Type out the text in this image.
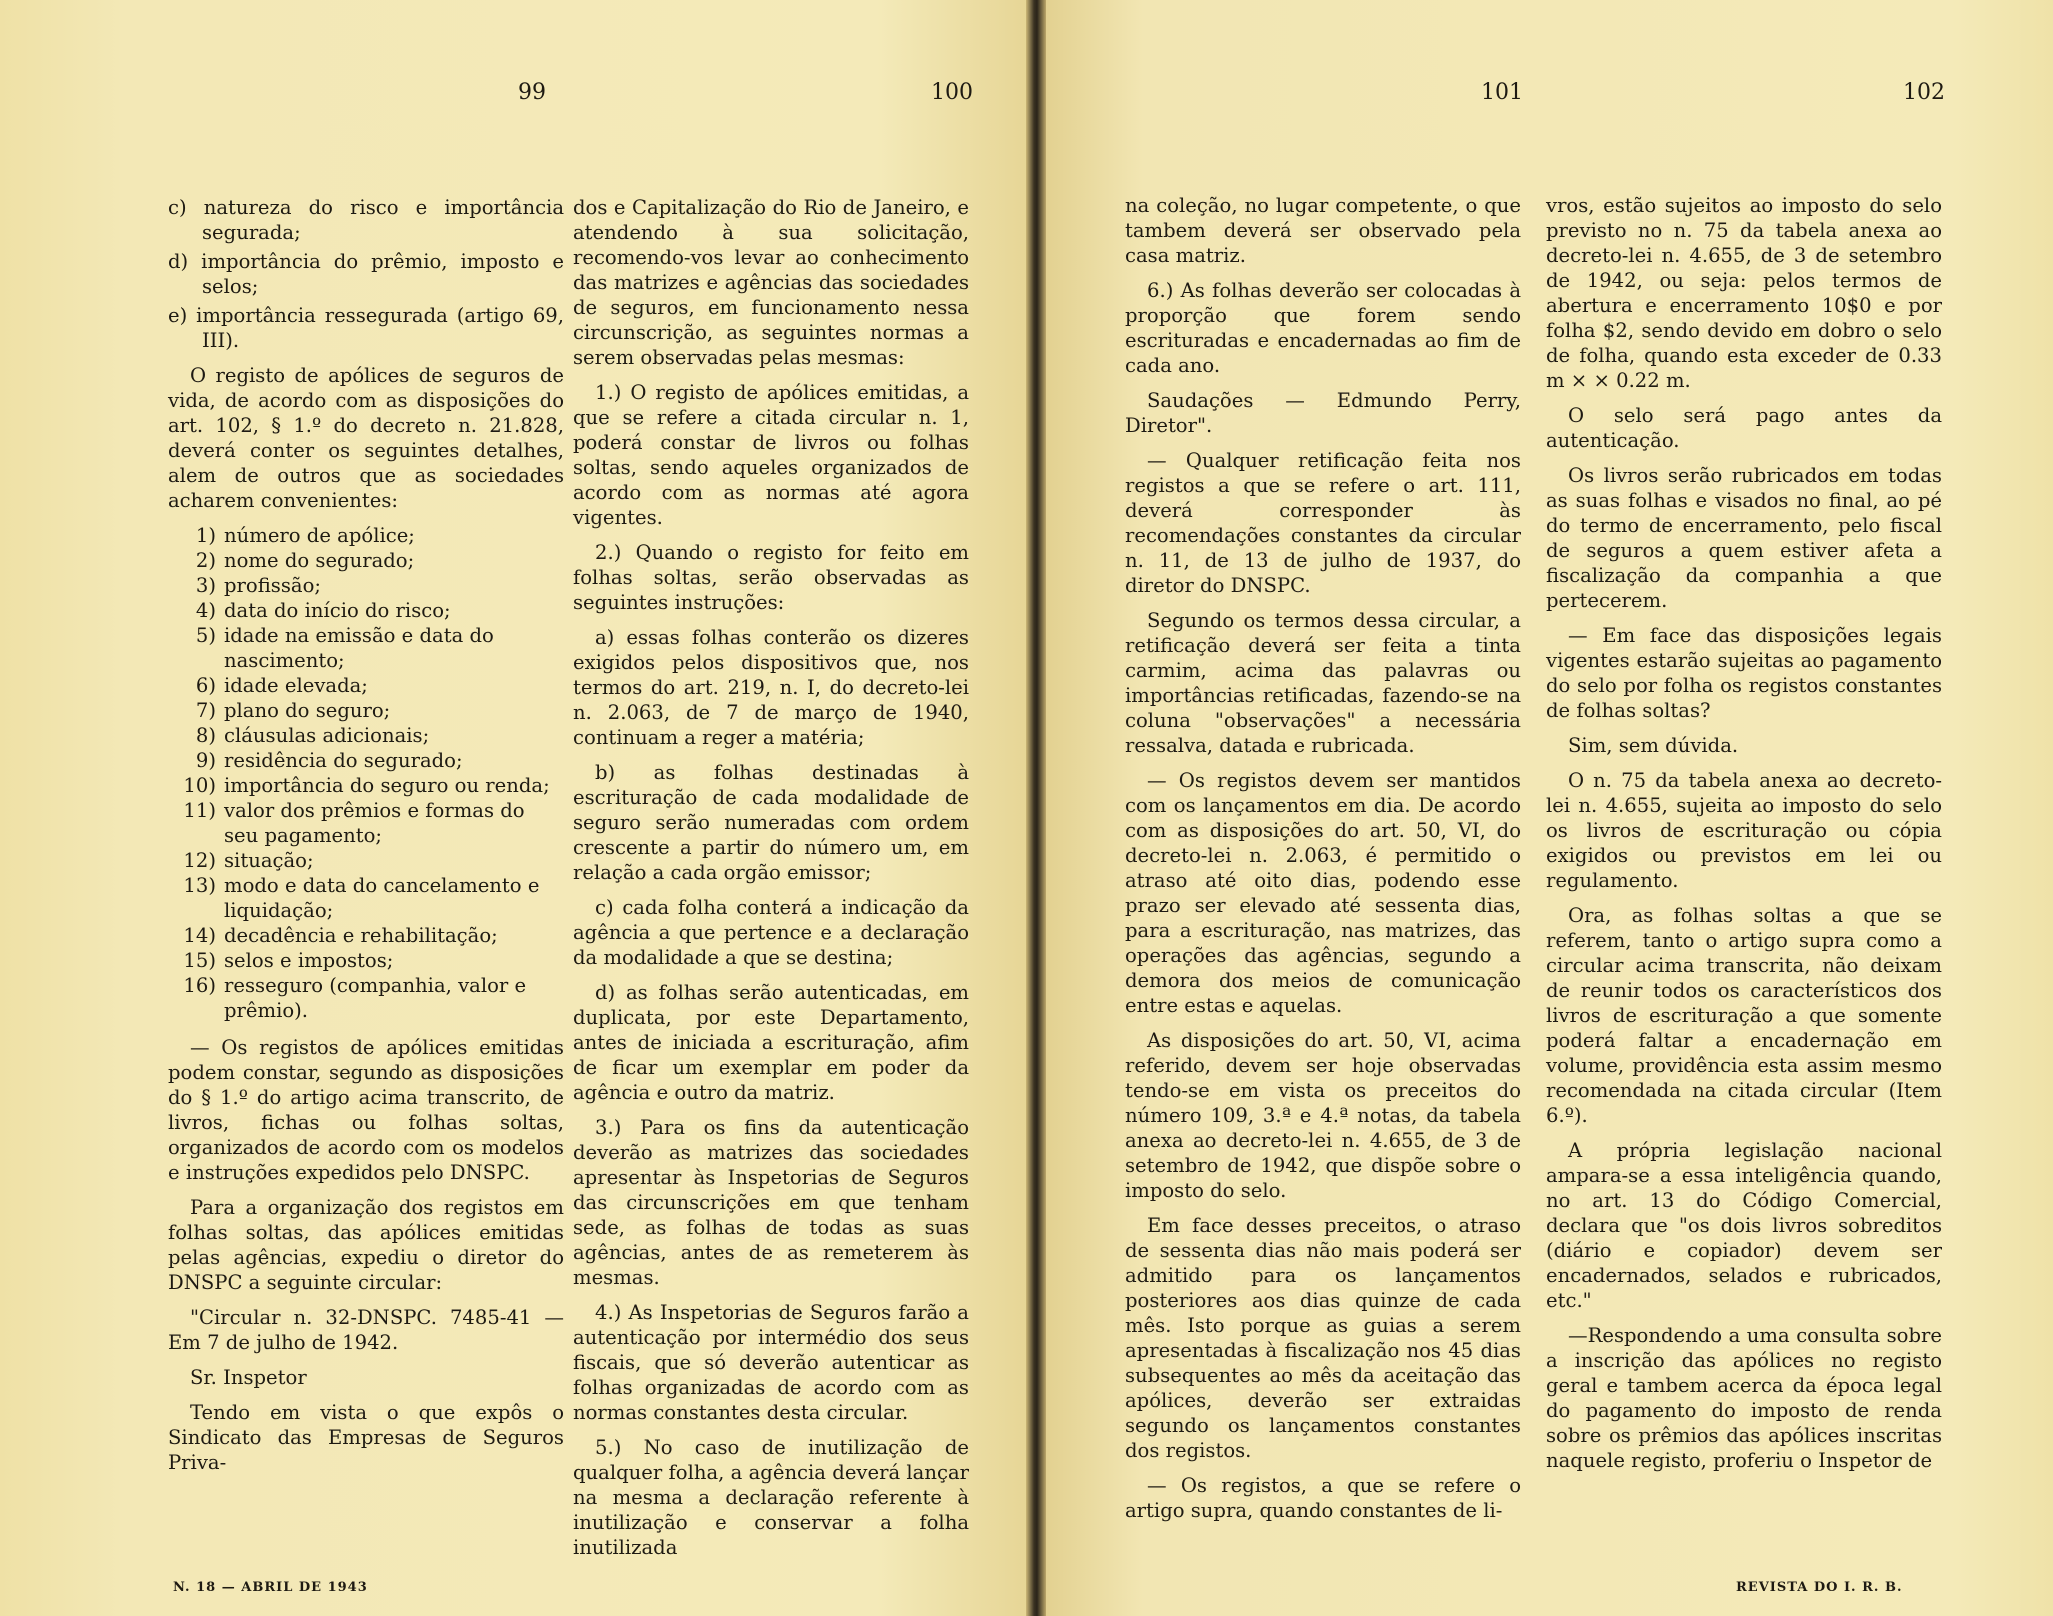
99	100	101	102
c) natureza do risco e importância segurada;
d) importância do prêmio, imposto e selos;
e) importância ressegurada (artigo 69, III).

O registo de apólices de seguros de vida, de acordo com as disposições do art. 102, § 1.º do decreto n. 21.828, deverá conter os seguintes detalhes, alem de outros que as sociedades acharem convenientes:

1) número de apólice;
2) nome do segurado;
3) profissão;
4) data do início do risco;
5) idade na emissão e data do nascimento;
6) idade elevada;
7) plano do seguro;
8) cláusulas adicionais;
9) residência do segurado;
10) importância do seguro ou renda;
11) valor dos prêmios e formas do seu pagamento;
12) situação;
13) modo e data do cancelamento e liquidação;
14) decadência e rehabilitação;
15) selos e impostos;
16) resseguro (companhia, valor e prêmio).

— Os registos de apólices emitidas podem constar, segundo as disposições do § 1.º do artigo acima transcrito, de livros, fichas ou folhas soltas, organizados de acordo com os modelos e instruções expedidos pelo DNSPC.

Para a organização dos registos em folhas soltas, das apólices emitidas pelas agências, expediu o diretor do DNSPC a seguinte circular:

"Circular n. 32-DNSPC. 7485-41 — Em 7 de julho de 1942.

Sr. Inspetor

Tendo em vista o que expôs o Sindicato das Empresas de Seguros Priva-

dos e Capitalização do Rio de Janeiro, e atendendo à sua solicitação, recomendo-vos levar ao conhecimento das matrizes e agências das sociedades de seguros, em funcionamento nessa circunscrição, as seguintes normas a serem observadas pelas mesmas:

1.) O registo de apólices emitidas, a que se refere a citada circular n. 1, poderá constar de livros ou folhas soltas, sendo aqueles organizados de acordo com as normas até agora vigentes.

2.) Quando o registo for feito em folhas soltas, serão observadas as seguintes instruções:

a) essas folhas conterão os dizeres exigidos pelos dispositivos que, nos termos do art. 219, n. I, do decreto-lei n. 2.063, de 7 de março de 1940, continuam a reger a matéria;

b) as folhas destinadas à escrituração de cada modalidade de seguro serão numeradas com ordem crescente a partir do número um, em relação a cada orgão emissor;

c) cada folha conterá a indicação da agência a que pertence e a declaração da modalidade a que se destina;

d) as folhas serão autenticadas, em duplicata, por este Departamento, antes de iniciada a escrituração, afim de ficar um exemplar em poder da agência e outro da matriz.

3.) Para os fins da autenticação deverão as matrizes das sociedades apresentar às Inspetorias de Seguros das circunscrições em que tenham sede, as folhas de todas as suas agências, antes de as remeterem às mesmas.

4.) As Inspetorias de Seguros farão a autenticação por intermédio dos seus fiscais, que só deverão autenticar as folhas organizadas de acordo com as normas constantes desta circular.

5.) No caso de inutilização de qualquer folha, a agência deverá lançar na mesma a declaração referente à inutilização e conservar a folha inutilizada

na coleção, no lugar competente, o que tambem deverá ser observado pela casa matriz.

6.) As folhas deverão ser colocadas à proporção que forem sendo escrituradas e encadernadas ao fim de cada ano.

Saudações — Edmundo Perry, Diretor".

— Qualquer retificação feita nos registos a que se refere o art. 111, deverá corresponder às recomendações constantes da circular n. 11, de 13 de julho de 1937, do diretor do DNSPC.

Segundo os termos dessa circular, a retificação deverá ser feita a tinta carmim, acima das palavras ou importâncias retificadas, fazendo-se na coluna "observações" a necessária ressalva, datada e rubricada.

— Os registos devem ser mantidos com os lançamentos em dia. De acordo com as disposições do art. 50, VI, do decreto-lei n. 2.063, é permitido o atraso até oito dias, podendo esse prazo ser elevado até sessenta dias, para a escrituração, nas matrizes, das operações das agências, segundo a demora dos meios de comunicação entre estas e aquelas.

As disposições do art. 50, VI, acima referido, devem ser hoje observadas tendo-se em vista os preceitos do número 109, 3.ª e 4.ª notas, da tabela anexa ao decreto-lei n. 4.655, de 3 de setembro de 1942, que dispõe sobre o imposto do selo.

Em face desses preceitos, o atraso de sessenta dias não mais poderá ser admitido para os lançamentos posteriores aos dias quinze de cada mês. Isto porque as guias a serem apresentadas à fiscalização nos 45 dias subsequentes ao mês da aceitação das apólices, deverão ser extraidas segundo os lançamentos constantes dos registos.

— Os registos, a que se refere o artigo supra, quando constantes de li-

vros, estão sujeitos ao imposto do selo previsto no n. 75 da tabela anexa ao decreto-lei n. 4.655, de 3 de setembro de 1942, ou seja: pelos termos de abertura e encerramento 10$0 e por folha $2, sendo devido em dobro o selo de folha, quando esta exceder de 0.33 m × × 0.22 m.

O selo será pago antes da autenticação.

Os livros serão rubricados em todas as suas folhas e visados no final, ao pé do termo de encerramento, pelo fiscal de seguros a quem estiver afeta a fiscalização da companhia a que pertecerem.

— Em face das disposições legais vigentes estarão sujeitas ao pagamento do selo por folha os registos constantes de folhas soltas?

Sim, sem dúvida.

O n. 75 da tabela anexa ao decreto-lei n. 4.655, sujeita ao imposto do selo os livros de escrituração ou cópia exigidos ou previstos em lei ou regulamento.

Ora, as folhas soltas a que se referem, tanto o artigo supra como a circular acima transcrita, não deixam de reunir todos os característicos dos livros de escrituração a que somente poderá faltar a encadernação em volume, providência esta assim mesmo recomendada na citada circular (Item 6.º).

A própria legislação nacional ampara-se a essa inteligência quando, no art. 13 do Código Comercial, declara que "os dois livros sobreditos (diário e copiador) devem ser encadernados, selados e rubricados, etc."

—Respondendo a uma consulta sobre a inscrição das apólices no registo geral e tambem acerca da época legal do pagamento do imposto de renda sobre os prêmios das apólices inscritas naquele registo, proferiu o Inspetor de

N. 18 — ABRIL DE 1943	REVISTA DO I. R. B.
